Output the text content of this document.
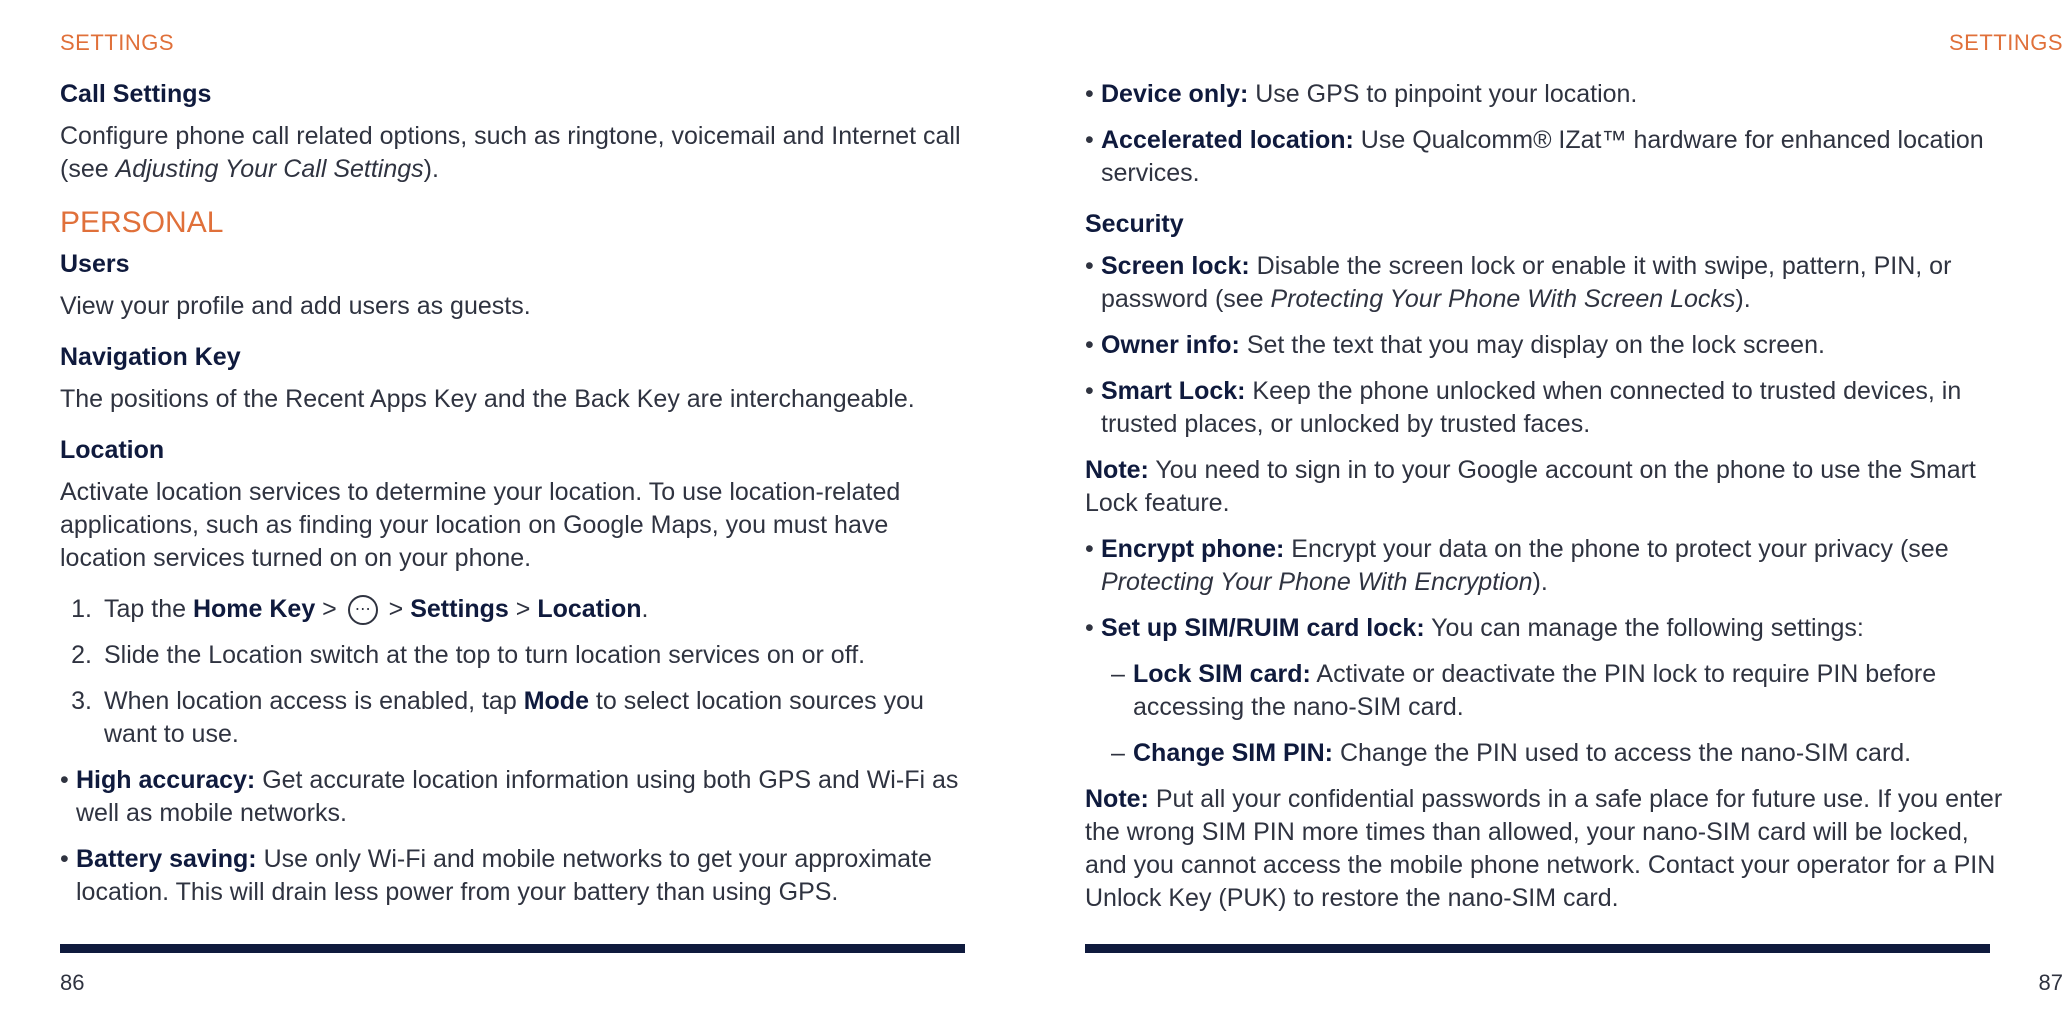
SETTINGS
Call Settings

Configure phone call related options, such as ringtone, voicemail and Internet call (see Adjusting Your Call Settings).

PERSONAL
Users

View your profile and add users as guests.

Navigation Key

The positions of the Recent Apps Key and the Back Key are interchangeable.

Location

Activate location services to determine your location. To use location-related applications, such as finding your location on Google Maps, you must have location services turned on on your phone.

1. Tap the Home Key > ⋯ > Settings > Location.
2. Slide the Location switch at the top to turn location services on or off.
3. When location access is enabled, tap Mode to select location sources you want to use.
• High accuracy: Get accurate location information using both GPS and Wi-Fi as well as mobile networks.
• Battery saving: Use only Wi-Fi and mobile networks to get your approximate location. This will drain less power from your battery than using GPS.
86
SETTINGS
• Device only: Use GPS to pinpoint your location.
• Accelerated location: Use Qualcomm® IZat™ hardware for enhanced location services.
Security
• Screen lock: Disable the screen lock or enable it with swipe, pattern, PIN, or password (see Protecting Your Phone With Screen Locks).
• Owner info: Set the text that you may display on the lock screen.
• Smart Lock: Keep the phone unlocked when connected to trusted devices, in trusted places, or unlocked by trusted faces.

Note: You need to sign in to your Google account on the phone to use the Smart Lock feature.

• Encrypt phone: Encrypt your data on the phone to protect your privacy (see Protecting Your Phone With Encryption).
• Set up SIM/RUIM card lock: You can manage the following settings:
– Lock SIM card: Activate or deactivate the PIN lock to require PIN before accessing the nano-SIM card.
– Change SIM PIN: Change the PIN used to access the nano-SIM card.

Note: Put all your confidential passwords in a safe place for future use. If you enter the wrong SIM PIN more times than allowed, your nano-SIM card will be locked, and you cannot access the mobile phone network. Contact your operator for a PIN Unlock Key (PUK) to restore the nano-SIM card.

87
